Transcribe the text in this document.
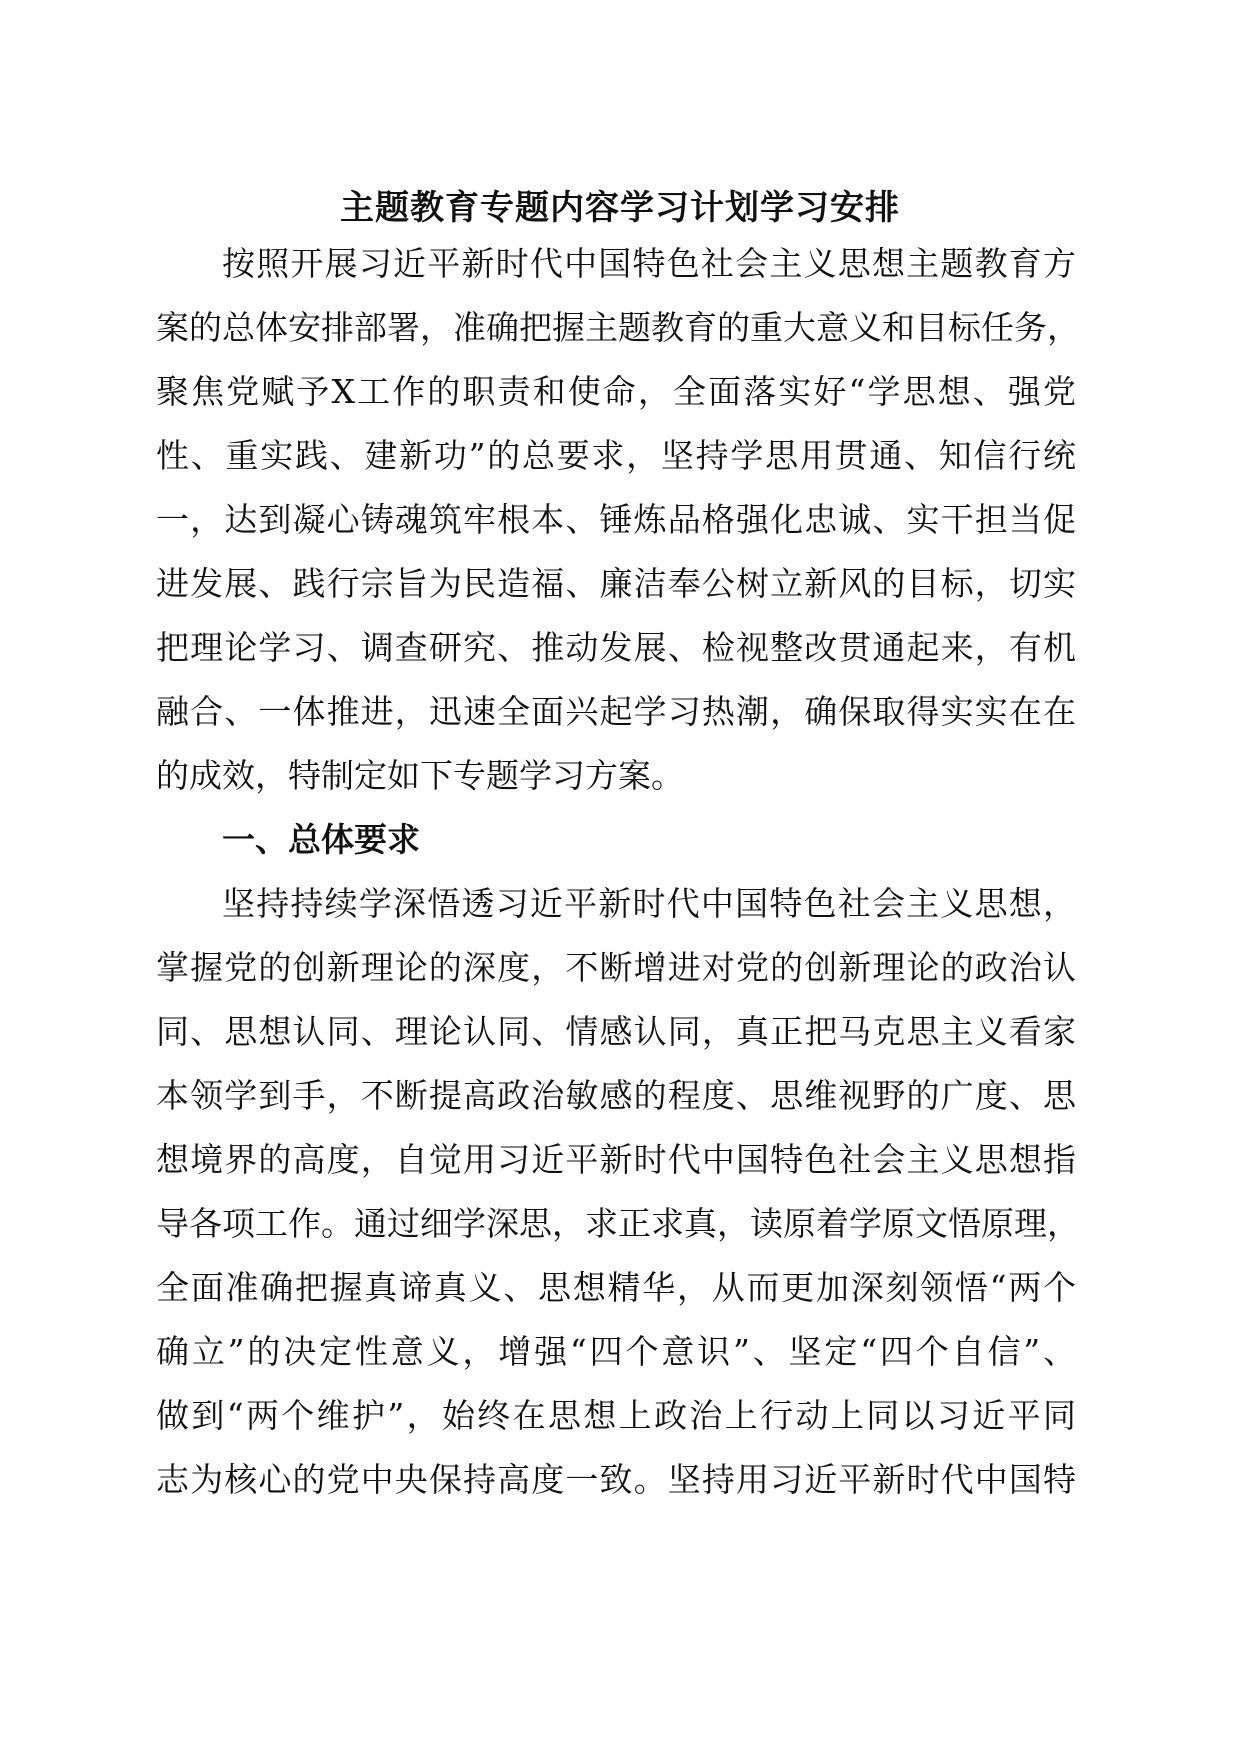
主题教育专题内容学习计划学习安排
按照开展习近平新时代中国特色社会主义思想主题教育方
案的总体安排部署，准确把握主题教育的重大意义和目标任务，
聚焦党赋予X工作的职责和使命，全面落实好“学思想、强党
性、重实践、建新功”的总要求，坚持学思用贯通、知信行统
一，达到凝心铸魂筑牢根本、锤炼品格强化忠诚、实干担当促
进发展、践行宗旨为民造福、廉洁奉公树立新风的目标，切实
把理论学习、调查研究、推动发展、检视整改贯通起来，有机
融合、一体推进，迅速全面兴起学习热潮，确保取得实实在在
的成效，特制定如下专题学习方案。
一、总体要求
坚持持续学深悟透习近平新时代中国特色社会主义思想，
掌握党的创新理论的深度，不断增进对党的创新理论的政治认
同、思想认同、理论认同、情感认同，真正把马克思主义看家
本领学到手，不断提高政治敏感的程度、思维视野的广度、思
想境界的高度，自觉用习近平新时代中国特色社会主义思想指
导各项工作。通过细学深思，求正求真，读原着学原文悟原理，
全面准确把握真谛真义、思想精华，从而更加深刻领悟“两个
确立”的决定性意义，增强“四个意识”、坚定“四个自信”、
做到“两个维护”，始终在思想上政治上行动上同以习近平同
志为核心的党中央保持高度一致。坚持用习近平新时代中国特
